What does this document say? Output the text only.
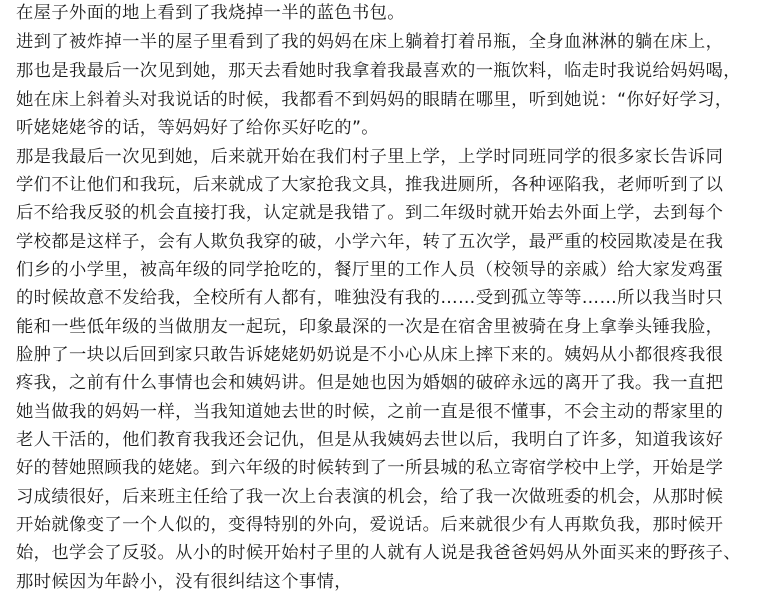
在屋子外面的地上看到了我烧掉一半的蓝色书包。
进到了被炸掉一半的屋子里看到了我的妈妈在床上躺着打着吊瓶，全身血淋淋的躺在床上，
那也是我最后一次见到她，那天去看她时我拿着我最喜欢的一瓶饮料，临走时我说给妈妈喝，
她在床上斜着头对我说话的时候，我都看不到妈妈的眼睛在哪里，听到她说：“你好好学习，
听姥姥姥爷的话，等妈妈好了给你买好吃的”。
那是我最后一次见到她，后来就开始在我们村子里上学，上学时同班同学的很多家长告诉同
学们不让他们和我玩，后来就成了大家抢我文具，推我进厕所，各种诬陷我，老师听到了以
后不给我反驳的机会直接打我，认定就是我错了。到二年级时就开始去外面上学，去到每个
学校都是这样子，会有人欺负我穿的破，小学六年，转了五次学，最严重的校园欺凌是在我
们乡的小学里，被高年级的同学抢吃的，餐厅里的工作人员（校领导的亲戚）给大家发鸡蛋
的时候故意不发给我，全校所有人都有，唯独没有我的……受到孤立等等……所以我当时只
能和一些低年级的当做朋友一起玩，印象最深的一次是在宿舍里被骑在身上拿拳头锤我脸，
脸肿了一块以后回到家只敢告诉姥姥奶奶说是不小心从床上摔下来的。姨妈从小都很疼我很
疼我，之前有什么事情也会和姨妈讲。但是她也因为婚姻的破碎永远的离开了我。我一直把
她当做我的妈妈一样，当我知道她去世的时候，之前一直是很不懂事，不会主动的帮家里的
老人干活的，他们教育我我还会记仇，但是从我姨妈去世以后，我明白了许多，知道我该好
好的替她照顾我的姥姥。到六年级的时候转到了一所县城的私立寄宿学校中上学，开始是学
习成绩很好，后来班主任给了我一次上台表演的机会，给了我一次做班委的机会，从那时候
开始就像变了一个人似的，变得特别的外向，爱说话。后来就很少有人再欺负我，那时候开
始，也学会了反驳。从小的时候开始村子里的人就有人说是我爸爸妈妈从外面买来的野孩子、
那时候因为年龄小，没有很纠结这个事情，
